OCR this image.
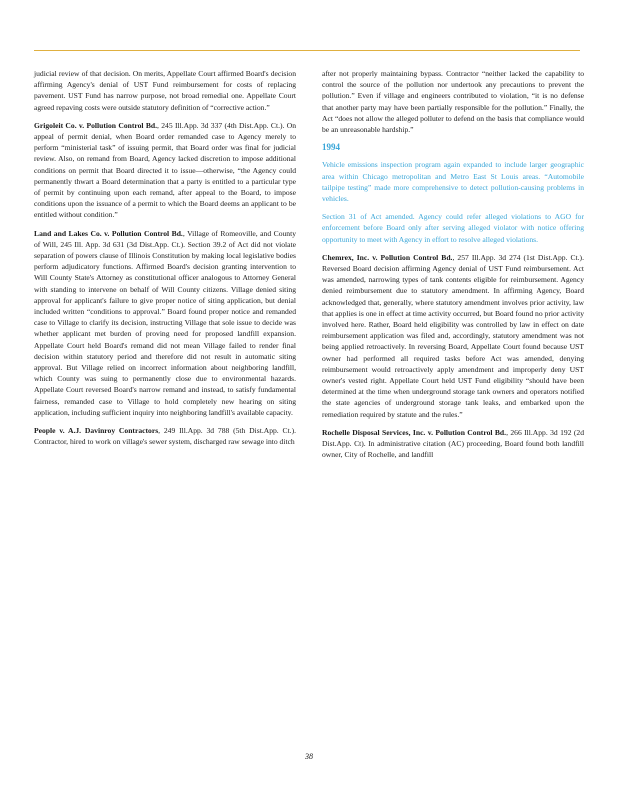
judicial review of that decision. On merits, Appellate Court affirmed Board's decision affirming Agency's denial of UST Fund reimbursement for costs of replacing pavement. UST Fund has narrow purpose, not broad remedial one. Appellate Court agreed repaving costs were outside statutory definition of “corrective action.”

Grigoleit Co. v. Pollution Control Bd., 245 Ill.App. 3d 337 (4th Dist.App. Ct.). On appeal of permit denial, when Board order remanded case to Agency merely to perform “ministerial task” of issuing permit, that Board order was final for judicial review. Also, on remand from Board, Agency lacked discretion to impose additional conditions on permit that Board directed it to issue—otherwise, “the Agency could permanently thwart a Board determination that a party is entitled to a particular type of permit by continuing upon each remand, after appeal to the Board, to impose conditions upon the issuance of a permit to which the Board deems an applicant to be entitled without condition.”

Land and Lakes Co. v. Pollution Control Bd., Village of Romeoville, and County of Will, 245 Ill. App. 3d 631 (3d Dist.App. Ct.). Section 39.2 of Act did not violate separation of powers clause of Illinois Constitution by making local legislative bodies perform adjudicatory functions. Affirmed Board's decision granting intervention to Will County State's Attorney as constitutional officer analogous to Attorney General with standing to intervene on behalf of Will County citizens. Village denied siting approval for applicant's failure to give proper notice of siting application, but denial included written “conditions to approval.” Board found proper notice and remanded case to Village to clarify its decision, instructing Village that sole issue to decide was whether applicant met burden of proving need for proposed landfill expansion. Appellate Court held Board's remand did not mean Village failed to render final decision within statutory period and therefore did not result in automatic siting approval. But Village relied on incorrect information about neighboring landfill, which County was suing to permanently close due to environmental hazards. Appellate Court reversed Board's narrow remand and instead, to satisfy fundamental fairness, remanded case to Village to hold completely new hearing on siting application, including sufficient inquiry into neighboring landfill's available capacity.

People v. A.J. Davinroy Contractors, 249 Ill.App. 3d 788 (5th Dist.App. Ct.). Contractor, hired to work on village's sewer system, discharged raw sewage into ditch

after not properly maintaining bypass. Contractor “neither lacked the capability to control the source of the pollution nor undertook any precautions to prevent the pollution.” Even if village and engineers contributed to violation, “it is no defense that another party may have been partially responsible for the pollution.” Finally, the Act “does not allow the alleged polluter to defend on the basis that compliance would be an unreasonable hardship.”

1994

Vehicle emissions inspection program again expanded to include larger geographic area within Chicago metropolitan and Metro East St Louis areas. “Automobile tailpipe testing” made more comprehensive to detect pollution-causing problems in vehicles.

Section 31 of Act amended. Agency could refer alleged violations to AGO for enforcement before Board only after serving alleged violator with notice offering opportunity to meet with Agency in effort to resolve alleged violations.

Chemrex, Inc. v. Pollution Control Bd., 257 Ill.App. 3d 274 (1st Dist.App. Ct.). Reversed Board decision affirming Agency denial of UST Fund reimbursement. Act was amended, narrowing types of tank contents eligible for reimbursement. Agency denied reimbursement due to statutory amendment. In affirming Agency, Board acknowledged that, generally, where statutory amendment involves prior activity, law that applies is one in effect at time activity occurred, but Board found no prior activity involved here. Rather, Board held eligibility was controlled by law in effect on date reimbursement application was filed and, accordingly, statutory amendment was not being applied retroactively. In reversing Board, Appellate Court found because UST owner had performed all required tasks before Act was amended, denying reimbursement would retroactively apply amendment and improperly deny UST owner's vested right. Appellate Court held UST Fund eligibility “should have been determined at the time when underground storage tank owners and operators notified the state agencies of underground storage tank leaks, and embarked upon the remediation required by statute and the rules.”

Rochelle Disposal Services, Inc. v. Pollution Control Bd., 266 Ill.App. 3d 192 (2d Dist.App. Ct). In administrative citation (AC) proceeding, Board found both landfill owner, City of Rochelle, and landfill

38
